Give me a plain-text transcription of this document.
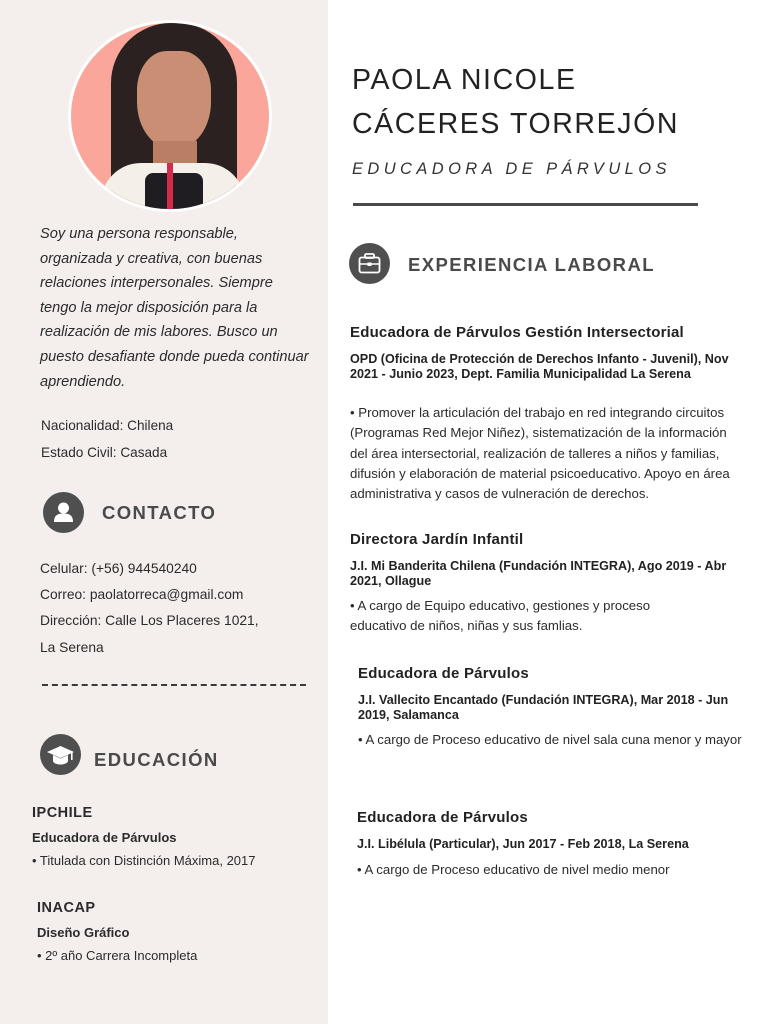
Soy una persona responsable, organizada y creativa, con buenas relaciones interpersonales. Siempre tengo la mejor disposición para la realización de mis labores. Busco un puesto desafiante donde pueda continuar aprendiendo.

Nacionalidad: Chilena
Estado Civil: Casada
CONTACTO
Celular: (+56) 944540240
Correo: paolatorreca@gmail.com
Dirección: Calle Los Placeres 1021,
La Serena
EDUCACIÓN
IPCHILE
Educadora de Párvulos
• Titulada con Distinción Máxima, 2017
INACAP
Diseño Gráfico
• 2º año Carrera Incompleta
PAOLA NICOLE
CÁCERES TORREJÓN
EDUCADORA DE PÁRVULOS
EXPERIENCIA LABORAL
Educadora de Párvulos Gestión Intersectorial
OPD (Oficina de Protección de Derechos Infanto - Juvenil), Nov 2021 - Junio 2023, Dept. Familia Municipalidad La Serena
• Promover la articulación del trabajo en red integrando circuitos (Programas Red Mejor Niñez), sistematización de la información del área intersectorial, realización de talleres a niños y familias, difusión y elaboración de material psicoeducativo. Apoyo en área administrativa y casos de vulneración de derechos.
Directora Jardín Infantil
J.I. Mi Banderita Chilena (Fundación INTEGRA), Ago 2019 - Abr 2021, Ollague
• A cargo de Equipo educativo, gestiones y proceso educativo de niños, niñas y sus famlias.
Educadora de Párvulos
J.I. Vallecito Encantado (Fundación INTEGRA), Mar 2018 - Jun 2019, Salamanca
• A cargo de Proceso educativo de nivel sala cuna menor y mayor
Educadora de Párvulos
J.I. Libélula (Particular), Jun 2017 - Feb 2018, La Serena
• A cargo de Proceso educativo de nivel medio menor
